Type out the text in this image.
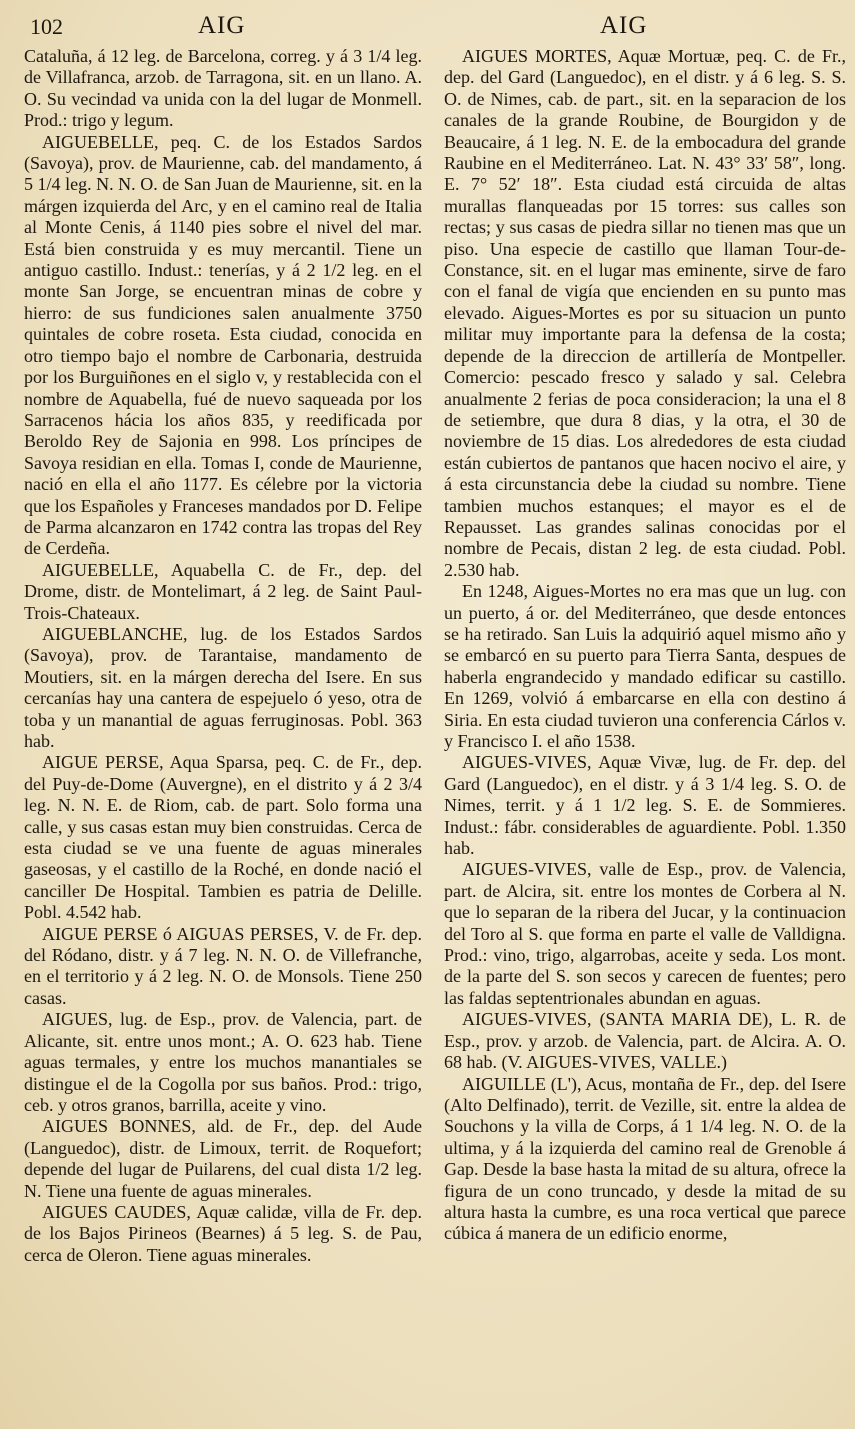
102	AIG	AIG

Cataluña, á 12 leg. de Barcelona, correg. y á 3 1/4 leg. de Villafranca, arzob. de Tarragona, sit. en un llano. A. O. Su vecindad va unida con la del lugar de Monmell. Prod.: trigo y legum.

AIGUEBELLE, peq. C. de los Estados Sardos (Savoya), prov. de Maurienne, cab. del mandamento, á 5 1/4 leg. N. N. O. de San Juan de Maurienne, sit. en la márgen izquierda del Arc, y en el camino real de Italia al Monte Cenis, á 1140 pies sobre el nivel del mar. Está bien construida y es muy mercantil. Tiene un antiguo castillo. Indust.: tenerías, y á 2 1/2 leg. en el monte San Jorge, se encuentran minas de cobre y hierro: de sus fundiciones salen anualmente 3750 quintales de cobre roseta. Esta ciudad, conocida en otro tiempo bajo el nombre de Carbonaria, destruida por los Burguiñones en el siglo v, y restablecida con el nombre de Aquabella, fué de nuevo saqueada por los Sarracenos hácia los años 835, y reedificada por Beroldo Rey de Sajonia en 998. Los príncipes de Savoya residian en ella. Tomas I, conde de Maurienne, nació en ella el año 1177. Es célebre por la victoria que los Españoles y Franceses mandados por D. Felipe de Parma alcanzaron en 1742 contra las tropas del Rey de Cerdeña.

AIGUEBELLE, Aquabella C. de Fr., dep. del Drome, distr. de Montelimart, á 2 leg. de Saint Paul-Trois-Chateaux.

AIGUEBLANCHE, lug. de los Estados Sardos (Savoya), prov. de Tarantaise, mandamento de Moutiers, sit. en la márgen derecha del Isere. En sus cercanías hay una cantera de espejuelo ó yeso, otra de toba y un manantial de aguas ferruginosas. Pobl. 363 hab.

AIGUE PERSE, Aqua Sparsa, peq. C. de Fr., dep. del Puy-de-Dome (Auvergne), en el distrito y á 2 3/4 leg. N. N. E. de Riom, cab. de part. Solo forma una calle, y sus casas estan muy bien construidas. Cerca de esta ciudad se ve una fuente de aguas minerales gaseosas, y el castillo de la Roché, en donde nació el canciller De Hospital. Tambien es patria de Delille. Pobl. 4.542 hab.

AIGUE PERSE ó AIGUAS PERSES, V. de Fr. dep. del Ródano, distr. y á 7 leg. N. N. O. de Villefranche, en el territorio y á 2 leg. N. O. de Monsols. Tiene 250 casas.

AIGUES, lug. de Esp., prov. de Valencia, part. de Alicante, sit. entre unos mont.; A. O. 623 hab. Tiene aguas termales, y entre los muchos manantiales se distingue el de la Cogolla por sus baños. Prod.: trigo, ceb. y otros granos, barrilla, aceite y vino.

AIGUES BONNES, ald. de Fr., dep. del Aude (Languedoc), distr. de Limoux, territ. de Roquefort; depende del lugar de Puilarens, del cual dista 1/2 leg. N. Tiene una fuente de aguas minerales.

AIGUES CAUDES, Aquæ calidæ, villa de Fr. dep. de los Bajos Pirineos (Bearnes) á 5 leg. S. de Pau, cerca de Oleron. Tiene aguas minerales.

AIGUES MORTES, Aquæ Mortuæ, peq. C. de Fr., dep. del Gard (Languedoc), en el distr. y á 6 leg. S. S. O. de Nimes, cab. de part., sit. en la separacion de los canales de la grande Roubine, de Bourgidon y de Beaucaire, á 1 leg. N. E. de la embocadura del grande Raubine en el Mediterráneo. Lat. N. 43° 33′ 58″, long. E. 7° 52′ 18″. Esta ciudad está circuida de altas murallas flanqueadas por 15 torres: sus calles son rectas; y sus casas de piedra sillar no tienen mas que un piso. Una especie de castillo que llaman Tour-de-Constance, sit. en el lugar mas eminente, sirve de faro con el fanal de vigía que encienden en su punto mas elevado. Aigues-Mortes es por su situacion un punto militar muy importante para la defensa de la costa; depende de la direccion de artillería de Montpeller. Comercio: pescado fresco y salado y sal. Celebra anualmente 2 ferias de poca consideracion; la una el 8 de setiembre, que dura 8 dias, y la otra, el 30 de noviembre de 15 dias. Los alrededores de esta ciudad están cubiertos de pantanos que hacen nocivo el aire, y á esta circunstancia debe la ciudad su nombre. Tiene tambien muchos estanques; el mayor es el de Repausset. Las grandes salinas conocidas por el nombre de Pecais, distan 2 leg. de esta ciudad. Pobl. 2.530 hab.

En 1248, Aigues-Mortes no era mas que un lug. con un puerto, á or. del Mediterráneo, que desde entonces se ha retirado. San Luis la adquirió aquel mismo año y se embarcó en su puerto para Tierra Santa, despues de haberla engrandecido y mandado edificar su castillo. En 1269, volvió á embarcarse en ella con destino á Siria. En esta ciudad tuvieron una conferencia Cárlos v. y Francisco I. el año 1538.

AIGUES-VIVES, Aquæ Vivæ, lug. de Fr. dep. del Gard (Languedoc), en el distr. y á 3 1/4 leg. S. O. de Nimes, territ. y á 1 1/2 leg. S. E. de Sommieres. Indust.: fábr. considerables de aguardiente. Pobl. 1.350 hab.

AIGUES-VIVES, valle de Esp., prov. de Valencia, part. de Alcira, sit. entre los montes de Corbera al N. que lo separan de la ribera del Jucar, y la continuacion del Toro al S. que forma en parte el valle de Valldigna. Prod.: vino, trigo, algarrobas, aceite y seda. Los mont. de la parte del S. son secos y carecen de fuentes; pero las faldas septentrionales abundan en aguas.

AIGUES-VIVES, (SANTA MARIA DE), L. R. de Esp., prov. y arzob. de Valencia, part. de Alcira. A. O. 68 hab. (V. AIGUES-VIVES, VALLE.)

AIGUILLE (L'), Acus, montaña de Fr., dep. del Isere (Alto Delfinado), territ. de Vezille, sit. entre la aldea de Souchons y la villa de Corps, á 1 1/4 leg. N. O. de la ultima, y á la izquierda del camino real de Grenoble á Gap. Desde la base hasta la mitad de su altura, ofrece la figura de un cono truncado, y desde la mitad de su altura hasta la cumbre, es una roca vertical que parece cúbica á manera de un edificio enorme,
